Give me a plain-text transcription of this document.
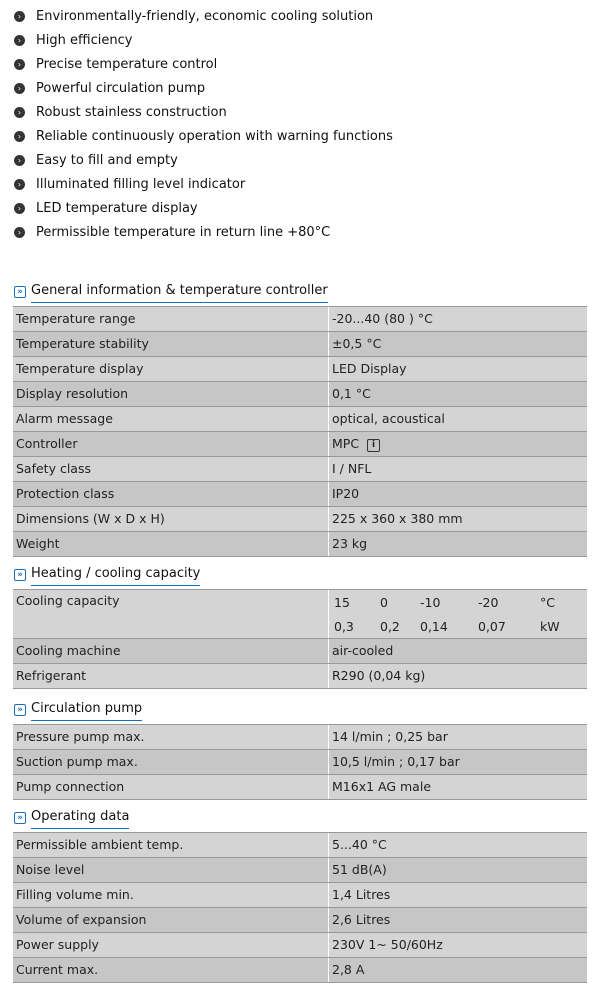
›	Environmentally-friendly, economic cooling solution
›	High efficiency
›	Precise temperature control
›	Powerful circulation pump
›	Robust stainless construction
›	Reliable continuously operation with warning functions
›	Easy to fill and empty
›	Illuminated filling level indicator
›	LED temperature display
›	Permissible temperature in return line +80°C
» General information & temperature controller
Temperature range	-20...40 (80 ) °C
Temperature stability	±0,5 °C
Temperature display	LED Display
Display resolution	0,1 °C
Alarm message	optical, acoustical
Controller	MPC i
Safety class	I / NFL
Protection class	IP20
Dimensions (W x D x H)	225 x 360 x 380 mm
Weight	23 kg
» Heating / cooling capacity
Cooling capacity	15	0	-10	-20	°C
0,3	0,2	0,14	0,07	kW
Cooling machine	air-cooled
Refrigerant	R290 (0,04 kg)
» Circulation pump
Pressure pump max.	14 l/min ; 0,25 bar
Suction pump max.	10,5 l/min ; 0,17 bar
Pump connection	M16x1 AG male
» Operating data
Permissible ambient temp.	5...40 °C
Noise level	51 dB(A)
Filling volume min.	1,4 Litres
Volume of expansion	2,6 Litres
Power supply	230V 1~ 50/60Hz
Current max.	2,8 A
